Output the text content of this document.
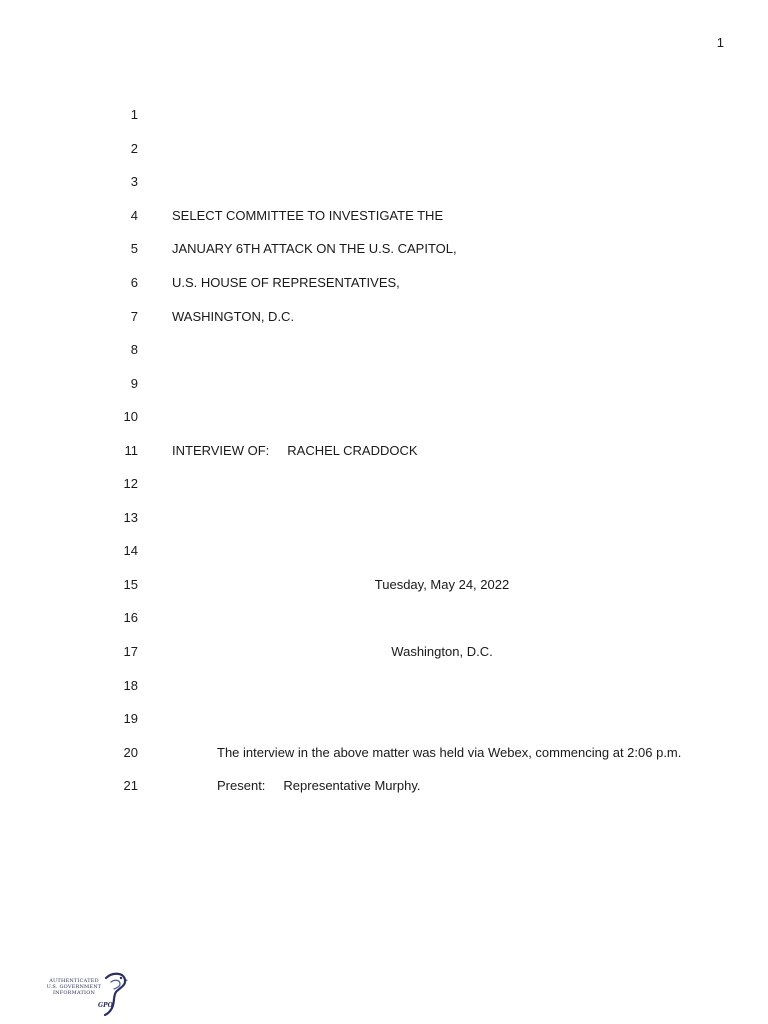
1
1
2
3
4	SELECT COMMITTEE TO INVESTIGATE THE
5	JANUARY 6TH ATTACK ON THE U.S. CAPITOL,
6	U.S. HOUSE OF REPRESENTATIVES,
7	WASHINGTON, D.C.
8
9
10
11	INTERVIEW OF: RACHEL CRADDOCK
12
13
14
15	Tuesday, May 24, 2022
16
17	Washington, D.C.
18
19
20	The interview in the above matter was held via Webex, commencing at 2:06 p.m.
21	Present: Representative Murphy.
AUTHENTICATED
U.S. GOVERNMENT
INFORMATION
GPO
